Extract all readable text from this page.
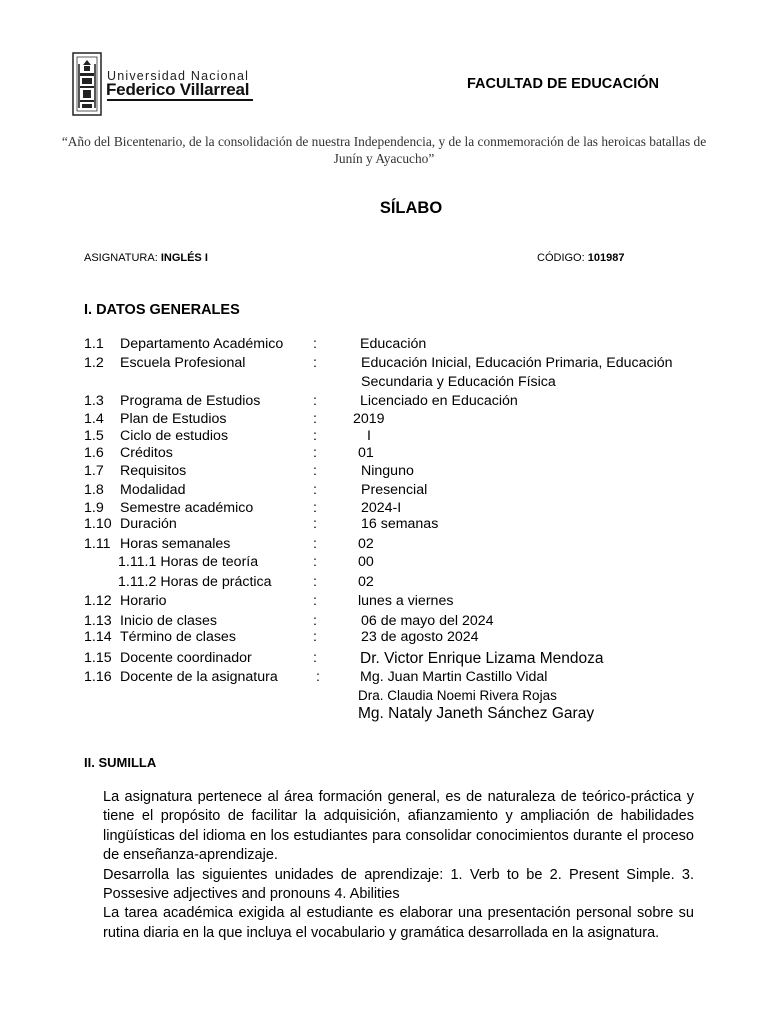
Universidad Nacional
Federico Villarreal	FACULTAD DE EDUCACIÓN
“Año del Bicentenario, de la consolidación de nuestra Independencia, y de la conmemoración de las heroicas batallas de Junín y Ayacucho”
SÍLABO
ASIGNATURA: INGLÉS I	CÓDIGO: 101987
I. DATOS GENERALES
1.1 Departamento Académico :	Educación
1.2 Escuela Profesional	:	Educación Inicial, Educación Primaria, Educación
Secundaria y Educación Física
1.3 Programa de Estudios	:	Licenciado en Educación
1.4 Plan de Estudios	:	2019
1.5 Ciclo de estudios	:	I
1.6 Créditos	:	01
1.7 Requisitos	:	Ninguno
1.8 Modalidad	:	Presencial
1.9 Semestre académico	:	2024-I
1.10 Duración	:	16 semanas
1.11 Horas semanales	:	02
1.11.1 Horas de teoría	:	00
1.11.2 Horas de práctica	:	02
1.12 Horario	:	lunes a viernes
1.13 Inicio de clases	:	06 de mayo del 2024
1.14 Término de clases	:	23 de agosto 2024
1.15 Docente coordinador	:	Dr. Victor Enrique Lizama Mendoza
1.16 Docente de la asignatura	:	Mg. Juan Martin Castillo Vidal
Dra. Claudia Noemi Rivera Rojas
Mg. Nataly Janeth Sánchez Garay
II. SUMILLA

La asignatura pertenece al área formación general, es de naturaleza de teórico-práctica y tiene el propósito de facilitar la adquisición, afianzamiento y ampliación de habilidades lingüísticas del idioma en los estudiantes para consolidar conocimientos durante el proceso de enseñanza-aprendizaje.

Desarrolla las siguientes unidades de aprendizaje: 1. Verb to be 2. Present Simple. 3. Possesive adjectives and pronouns 4. Abilities

La tarea académica exigida al estudiante es elaborar una presentación personal sobre su rutina diaria en la que incluya el vocabulario y gramática desarrollada en la asignatura.
